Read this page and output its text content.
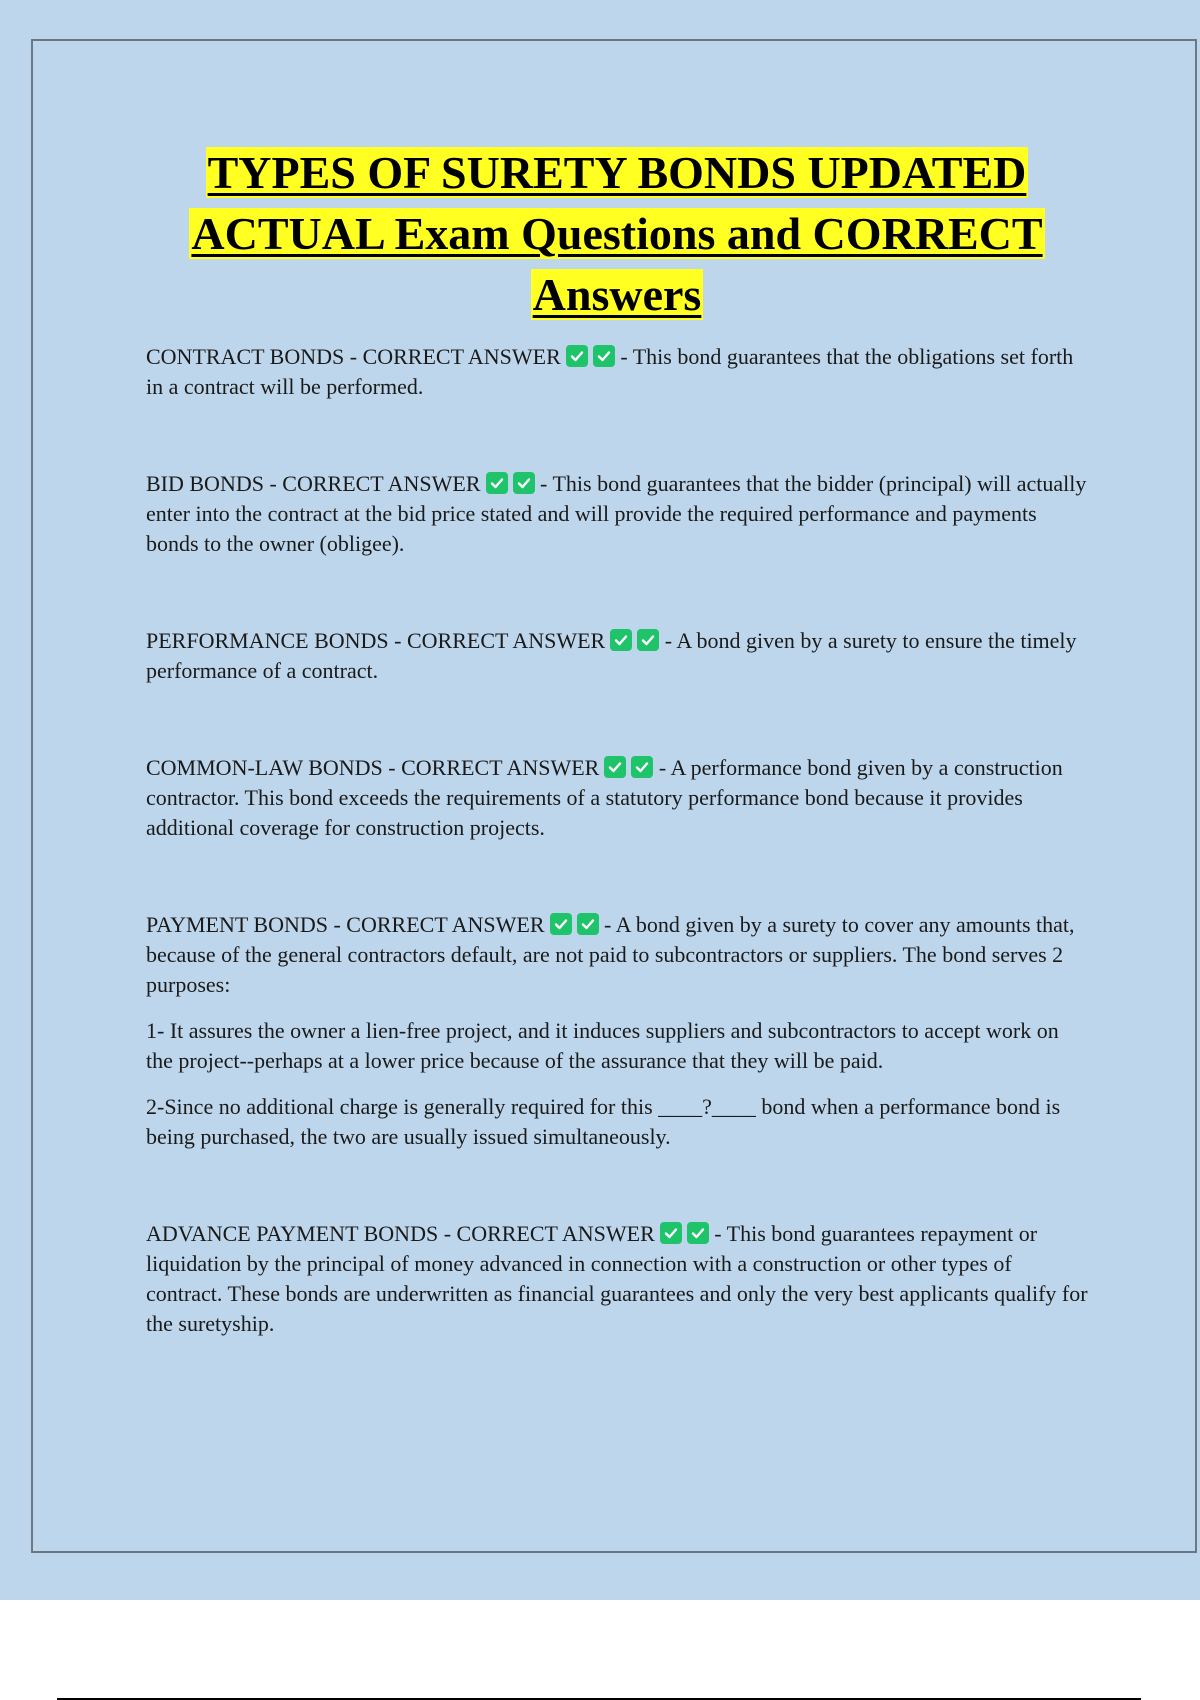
TYPES OF SURETY BONDS UPDATED
ACTUAL Exam Questions and CORRECT
Answers

CONTRACT BONDS - CORRECT ANSWER	- This bond guarantees that the obligations set forth in a contract will be performed.

BID BONDS - CORRECT ANSWER	- This bond guarantees that the bidder (principal) will actually enter into the contract at the bid price stated and will provide the required performance and payments bonds to the owner (obligee).

PERFORMANCE BONDS - CORRECT ANSWER	- A bond given by a surety to ensure the timely performance of a contract.

COMMON-LAW BONDS - CORRECT ANSWER	- A performance bond given by a construction contractor. This bond exceeds the requirements of a statutory performance bond because it provides additional coverage for construction projects.

PAYMENT BONDS - CORRECT ANSWER	- A bond given by a surety to cover any amounts that, because of the general contractors default, are not paid to subcontractors or suppliers. The bond serves 2 purposes:

1- It assures the owner a lien-free project, and it induces suppliers and subcontractors to accept work on the project--perhaps at a lower price because of the assurance that they will be paid.

2-Since no additional charge is generally required for this ____?____ bond when a performance bond is being purchased, the two are usually issued simultaneously.

ADVANCE PAYMENT BONDS - CORRECT ANSWER	- This bond guarantees repayment or liquidation by the principal of money advanced in connection with a construction or other types of contract. These bonds are underwritten as financial guarantees and only the very best applicants qualify for the suretyship.
